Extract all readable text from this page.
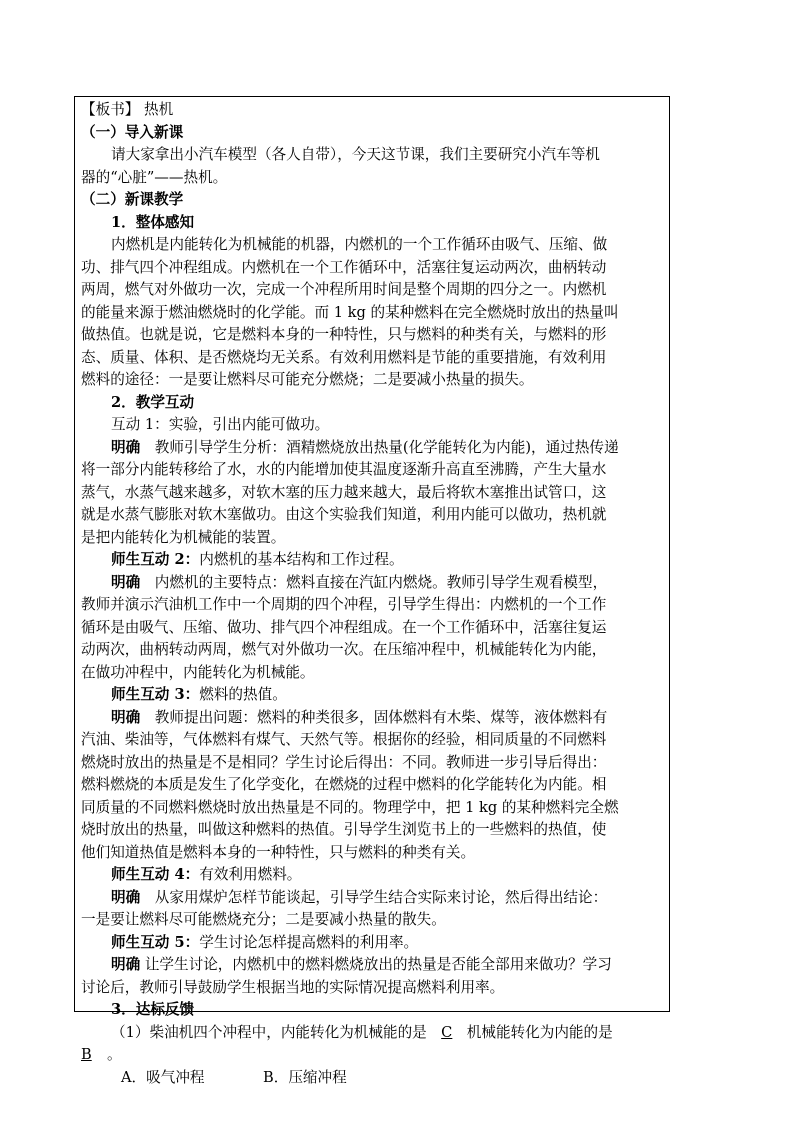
【板书】 热机
（一）导入新课
请大家拿出小汽车模型（各人自带），今天这节课，我们主要研究小汽车等机
器的“心脏”——热机。
（二）新课教学
1．整体感知
内燃机是内能转化为机械能的机器，内燃机的一个工作循环由吸气、压缩、做
功、排气四个冲程组成。内燃机在一个工作循环中，活塞往复运动两次，曲柄转动
两周，燃气对外做功一次，完成一个冲程所用时间是整个周期的四分之一。内燃机
的能量来源于燃油燃烧时的化学能。而 1 kg 的某种燃料在完全燃烧时放出的热量叫
做热值。也就是说，它是燃料本身的一种特性，只与燃料的种类有关，与燃料的形
态、质量、体积、是否燃烧均无关系。有效利用燃料是节能的重要措施，有效利用
燃料的途径：一是要让燃料尽可能充分燃烧；二是要减小热量的损失。
2．教学互动
互动 1：实验，引出内能可做功。
明确　教师引导学生分析：酒精燃烧放出热量(化学能转化为内能)，通过热传递
将一部分内能转移给了水，水的内能增加使其温度逐渐升高直至沸腾，产生大量水
蒸气，水蒸气越来越多，对软木塞的压力越来越大，最后将软木塞推出试管口，这
就是水蒸气膨胀对软木塞做功。由这个实验我们知道，利用内能可以做功，热机就
是把内能转化为机械能的装置。
师生互动 2：内燃机的基本结构和工作过程。
明确　内燃机的主要特点：燃料直接在汽缸内燃烧。教师引导学生观看模型，
教师并演示汽油机工作中一个周期的四个冲程，引导学生得出：内燃机的一个工作
循环是由吸气、压缩、做功、排气四个冲程组成。在一个工作循环中，活塞往复运
动两次，曲柄转动两周，燃气对外做功一次。在压缩冲程中，机械能转化为内能，
在做功冲程中，内能转化为机械能。
师生互动 3：燃料的热值。
明确　教师提出问题：燃料的种类很多，固体燃料有木柴、煤等，液体燃料有
汽油、柴油等，气体燃料有煤气、天然气等。根据你的经验，相同质量的不同燃料
燃烧时放出的热量是不是相同？学生讨论后得出：不同。教师进一步引导后得出：
燃料燃烧的本质是发生了化学变化，在燃烧的过程中燃料的化学能转化为内能。相
同质量的不同燃料燃烧时放出热量是不同的。物理学中，把 1 kg 的某种燃料完全燃
烧时放出的热量，叫做这种燃料的热值。引导学生浏览书上的一些燃料的热值，使
他们知道热值是燃料本身的一种特性，只与燃料的种类有关。
师生互动 4：有效利用燃料。
明确　从家用煤炉怎样节能谈起，引导学生结合实际来讨论，然后得出结论：
一是要让燃料尽可能燃烧充分；二是要减小热量的散失。
师生互动 5：学生讨论怎样提高燃料的利用率。
明确 让学生讨论，内燃机中的燃料燃烧放出的热量是否能全部用来做功？学习
讨论后，教师引导鼓励学生根据当地的实际情况提高燃料利用率。
3．达标反馈
（1）柴油机四个冲程中，内能转化为机械能的是 C 机械能转化为内能的是
B 。
A．吸气冲程	B．压缩冲程
